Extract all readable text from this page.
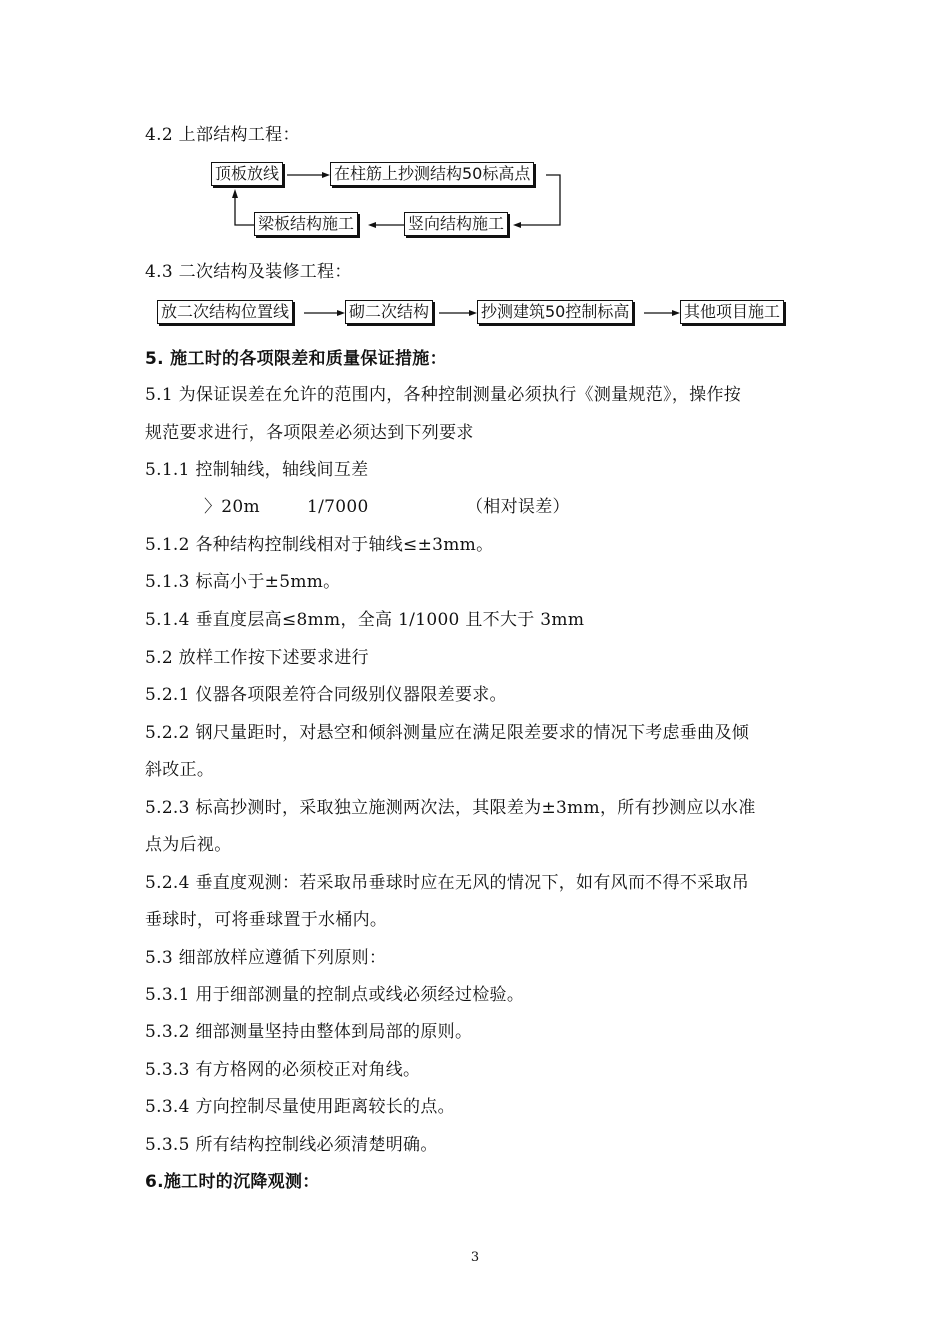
4.2 上部结构工程：

顶板放线	在柱筋上抄测结构50标高点
竖向结构施工
梁板结构施工

4.3 二次结构及装修工程：

放二次结构位置线	砌二次结构	抄测建筑50控制标高	其他项目施工

5. 施工时的各项限差和质量保证措施：

5.1 为保证误差在允许的范围内，各种控制测量必须执行《测量规范》，操作按

规范要求进行，各项限差必须达到下列要求

5.1.1 控制轴线，轴线间互差

〉20m	1/7000	（相对误差）

5.1.2 各种结构控制线相对于轴线≤±3mm。

5.1.3 标高小于±5mm。

5.1.4 垂直度层高≤8mm，全高 1/1000 且不大于 3mm

5.2 放样工作按下述要求进行

5.2.1 仪器各项限差符合同级别仪器限差要求。

5.2.2 钢尺量距时，对悬空和倾斜测量应在满足限差要求的情况下考虑垂曲及倾

斜改正。

5.2.3 标高抄测时，采取独立施测两次法，其限差为±3mm，所有抄测应以水准

点为后视。

5.2.4 垂直度观测：若采取吊垂球时应在无风的情况下，如有风而不得不采取吊

垂球时，可将垂球置于水桶内。

5.3 细部放样应遵循下列原则：

5.3.1 用于细部测量的控制点或线必须经过检验。

5.3.2 细部测量坚持由整体到局部的原则。

5.3.3 有方格网的必须校正对角线。

5.3.4 方向控制尽量使用距离较长的点。

5.3.5 所有结构控制线必须清楚明确。

6.施工时的沉降观测：

3
